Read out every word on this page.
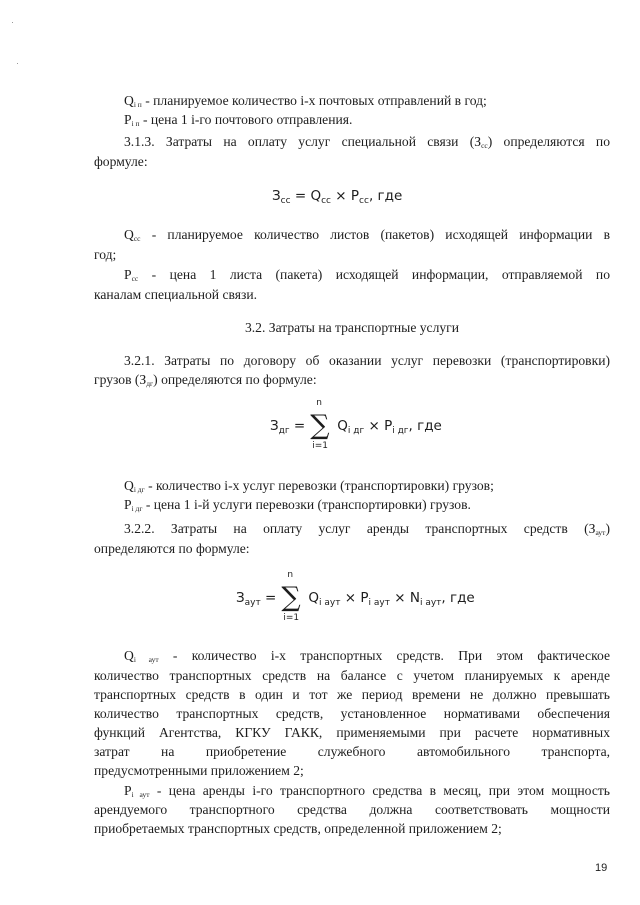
$Q_{i п}$ - планируемое количество i-х почтовых отправлений в год;
$P_{i п}$ - цена 1 i-го почтового отправления.
3.1.3. Затраты на оплату услуг специальной связи $(З_{сс})$ определяются по
формуле:
$З_{сс} = Q_{сс} \times P_{сс}$, где
$Q_{сс}$ - планируемое количество листов (пакетов) исходящей информации в
год;
$P_{сс}$ - цена 1 листа (пакета) исходящей информации, отправляемой по
каналам специальной связи.
3.2. Затраты на транспортные услуги
3.2.1. Затраты по договору об оказании услуг перевозки (транспортировки)
грузов $(З_{дг})$ определяются по формуле:
$З_{дг}$ =
n
∑
i=1
$Q_{i дг} \times P_{i дг}$, где
$Q_{i дг}$ - количество i-х услуг перевозки (транспортировки) грузов;
$P_{i дг}$ - цена 1 i-й услуги перевозки (транспортировки) грузов.
3.2.2. Затраты на оплату услуг аренды транспортных средств $(З_{аут})$
определяются по формуле:
$З_{аут}$ =
n
∑
i=1
$Q_{i аут} \times P_{i аут} \times N_{i аут}$, где
$Q_{i аут}$ - количество i-х транспортных средств. При этом фактическое
количество транспортных средств на балансе с учетом планируемых к аренде
транспортных средств в один и тот же период времени не должно превышать
количество транспортных средств, установленное нормативами обеспечения
функций Агентства, КГКУ ГАКК, применяемыми при расчете нормативных
затрат на приобретение служебного автомобильного транспорта,
предусмотренными приложением 2;
$P_{i аут}$ - цена аренды i-го транспортного средства в месяц, при этом мощность
арендуемого транспортного средства должна соответствовать мощности
приобретаемых транспортных средств, определенной приложением 2;
19
